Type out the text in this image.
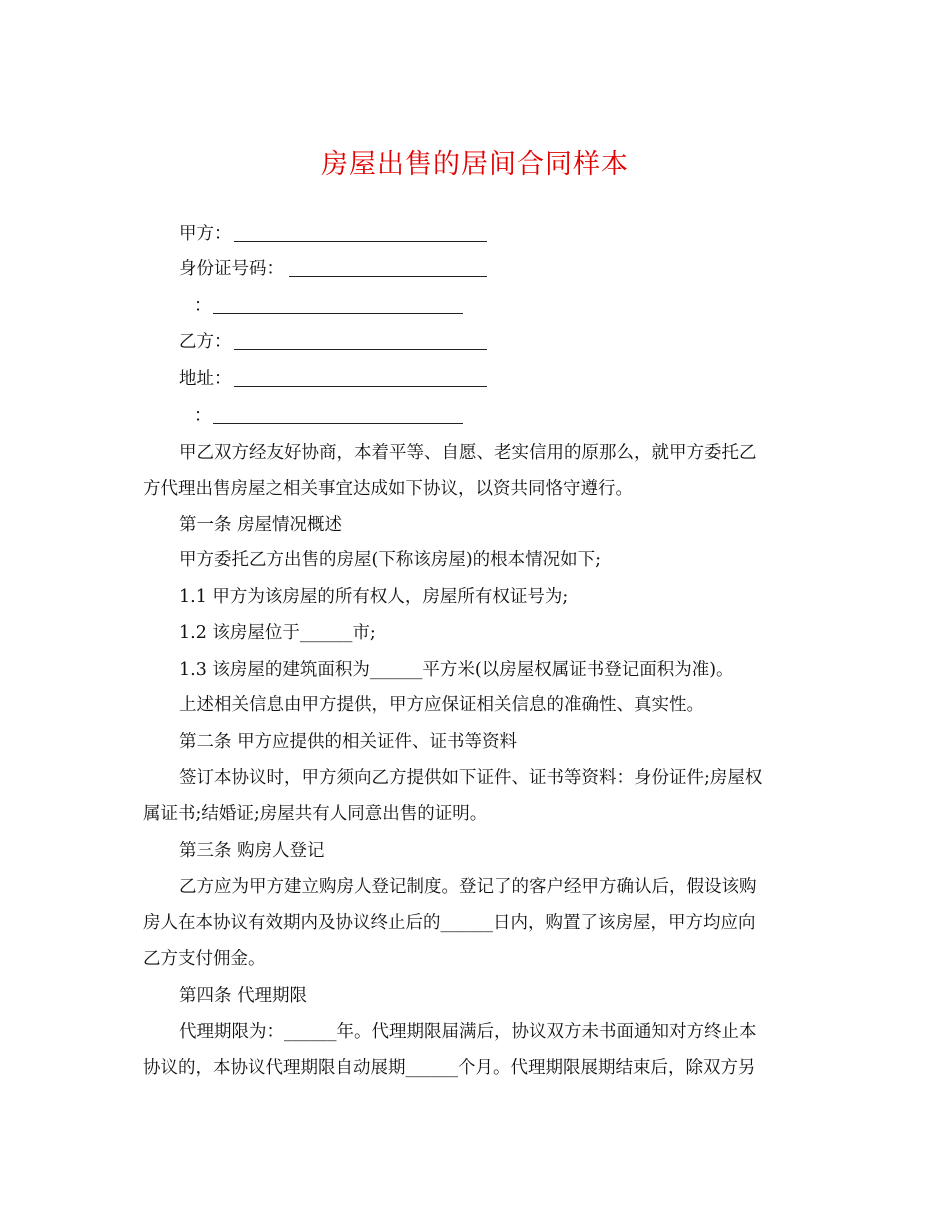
房屋出售的居间合同样本
甲方：
身份证号码：
：
乙方：
地址：
：
甲乙双方经友好协商，本着平等、自愿、老实信用的原那么，就甲方委托乙
方代理出售房屋之相关事宜达成如下协议，以资共同恪守遵行。
第一条 房屋情况概述
甲方委托乙方出售的房屋(下称该房屋)的根本情况如下;
1.1 甲方为该房屋的所有权人，房屋所有权证号为;
1.2 该房屋位于______市;
1.3 该房屋的建筑面积为______平方米(以房屋权属证书登记面积为准)。
上述相关信息由甲方提供，甲方应保证相关信息的准确性、真实性。
第二条 甲方应提供的相关证件、证书等资料
签订本协议时，甲方须向乙方提供如下证件、证书等资料：身份证件;房屋权
属证书;结婚证;房屋共有人同意出售的证明。
第三条 购房人登记
乙方应为甲方建立购房人登记制度。登记了的客户经甲方确认后，假设该购
房人在本协议有效期内及协议终止后的______日内，购置了该房屋，甲方均应向
乙方支付佣金。
第四条 代理期限
代理期限为：______年。代理期限届满后，协议双方未书面通知对方终止本
协议的，本协议代理期限自动展期______个月。代理期限展期结束后，除双方另
